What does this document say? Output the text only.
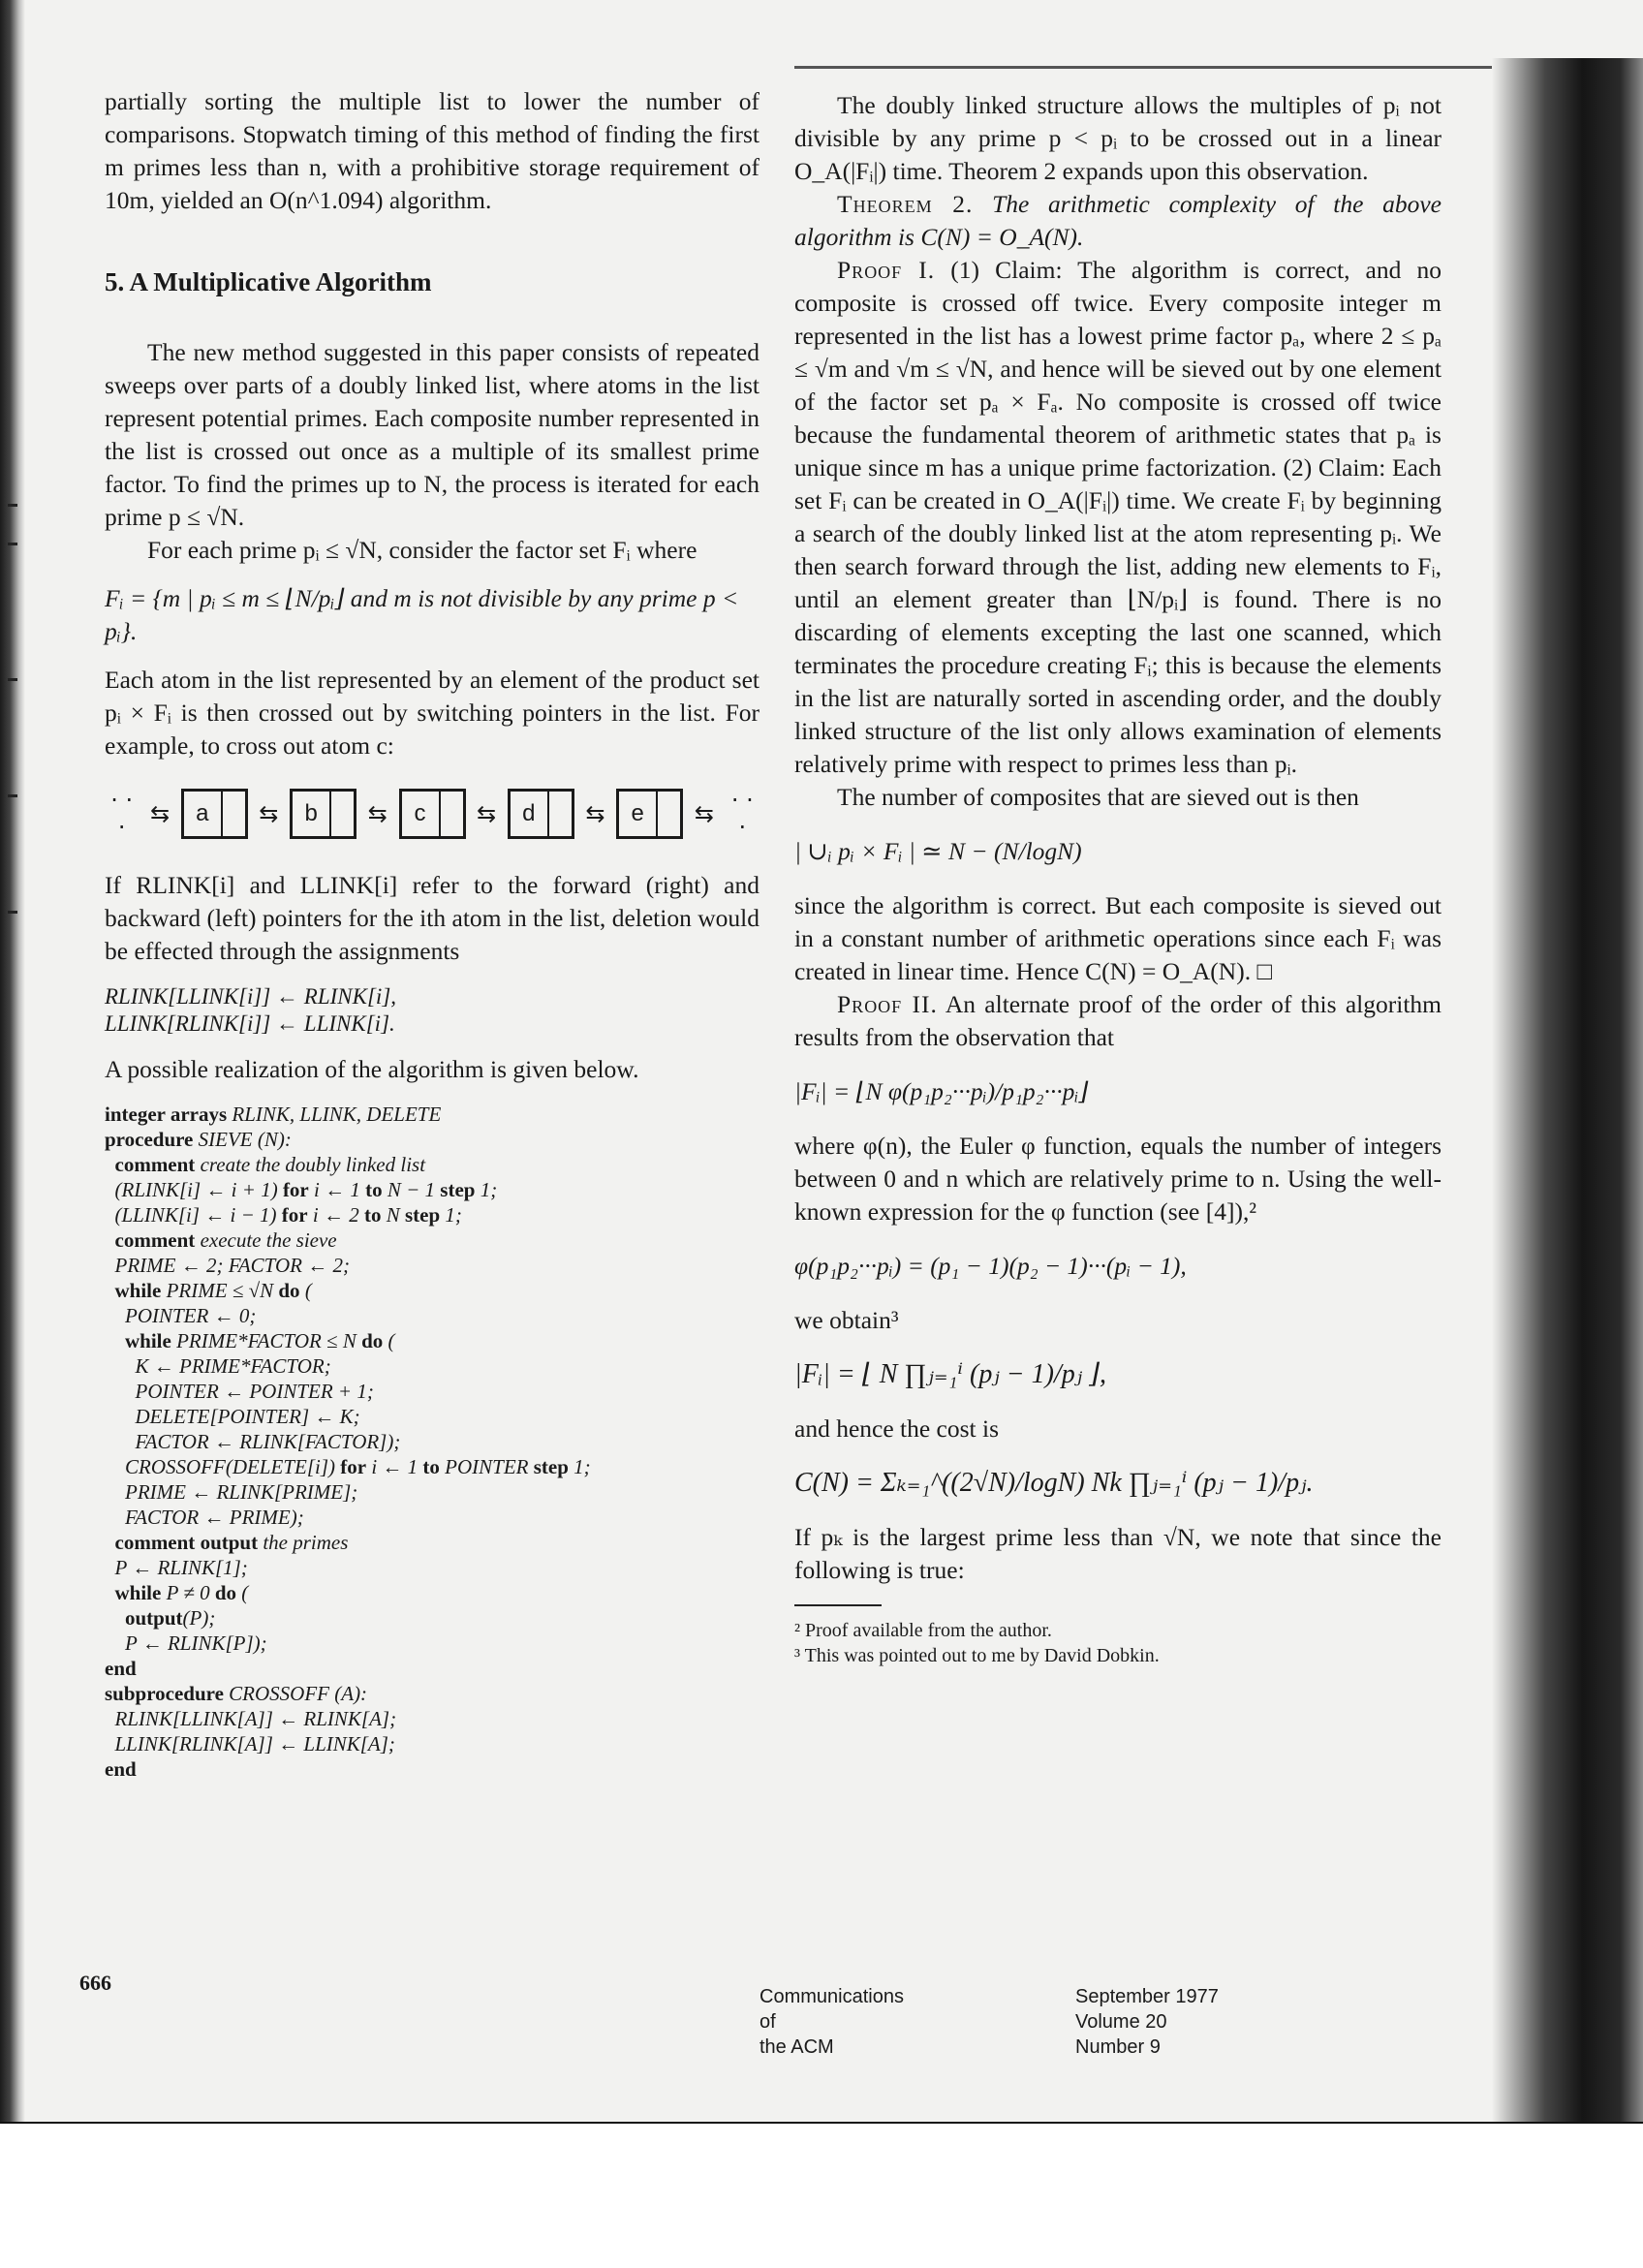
partially sorting the multiple list to lower the number of comparisons. Stopwatch timing of this method of finding the first m primes less than n, with a prohibitive storage requirement of 10m, yielded an O(n^1.094) algorithm.

5. A Multiplicative Algorithm

The new method suggested in this paper consists of repeated sweeps over parts of a doubly linked list, where atoms in the list represent potential primes. Each composite number represented in the list is crossed out once as a multiple of its smallest prime factor. To find the primes up to N, the process is iterated for each prime p ≤ √N.

For each prime pᵢ ≤ √N, consider the factor set Fᵢ where

Fᵢ = {m | pᵢ ≤ m ≤ ⌊N/pᵢ⌋ and m is not divisible by any prime p < pᵢ}.

Each atom in the list represented by an element of the product set pᵢ × Fᵢ is then crossed out by switching pointers in the list. For example, to cross out atom c:

· · ·	⇆	a	⇆	b	⇆	c	⇆	d	⇆	e	⇆ · · ·

If RLINK[i] and LLINK[i] refer to the forward (right) and backward (left) pointers for the ith atom in the list, deletion would be effected through the assignments

RLINK[LLINK[i]] ← RLINK[i],

LLINK[RLINK[i]] ← LLINK[i].

A possible realization of the algorithm is given below.

integer arrays RLINK, LLINK, DELETE
procedure SIEVE (N):
comment create the doubly linked list
(RLINK[i] ← i + 1) for i ← 1 to N − 1 step 1;
(LLINK[i] ← i − 1) for i ← 2 to N step 1;
comment execute the sieve
PRIME ← 2; FACTOR ← 2;
while PRIME ≤ √N do (
POINTER ← 0;
while PRIME*FACTOR ≤ N do (
K ← PRIME*FACTOR;
POINTER ← POINTER + 1;
DELETE[POINTER] ← K;
FACTOR ← RLINK[FACTOR]);
CROSSOFF(DELETE[i]) for i ← 1 to POINTER step 1;
PRIME ← RLINK[PRIME];
FACTOR ← PRIME);
comment output the primes
P ← RLINK[1];
while P ≠ 0 do (
output(P);
P ← RLINK[P]);
end
subprocedure CROSSOFF (A):
RLINK[LLINK[A]] ← RLINK[A];
LLINK[RLINK[A]] ← LLINK[A];
end
666

The doubly linked structure allows the multiples of pᵢ not divisible by any prime p < pᵢ to be crossed out in a linear O_A(|Fᵢ|) time. Theorem 2 expands upon this observation.

Theorem 2. The arithmetic complexity of the above algorithm is C(N) = O_A(N).

Proof I. (1) Claim: The algorithm is correct, and no composite is crossed off twice. Every composite integer m represented in the list has a lowest prime factor pₐ, where 2 ≤ pₐ ≤ √m and √m ≤ √N, and hence will be sieved out by one element of the factor set pₐ × Fₐ. No composite is crossed off twice because the fundamental theorem of arithmetic states that pₐ is unique since m has a unique prime factorization. (2) Claim: Each set Fᵢ can be created in O_A(|Fᵢ|) time. We create Fᵢ by beginning a search of the doubly linked list at the atom representing pᵢ. We then search forward through the list, adding new elements to Fᵢ, until an element greater than ⌊N/pᵢ⌋ is found. There is no discarding of elements excepting the last one scanned, which terminates the procedure creating Fᵢ; this is because the elements in the list are naturally sorted in ascending order, and the doubly linked structure of the list only allows examination of elements relatively prime with respect to primes less than pᵢ.

The number of composites that are sieved out is then

| ∪ᵢ pᵢ × Fᵢ | ≃ N − (N/logN)

since the algorithm is correct. But each composite is sieved out in a constant number of arithmetic operations since each Fᵢ was created in linear time. Hence C(N) = O_A(N). □

Proof II. An alternate proof of the order of this algorithm results from the observation that

|Fᵢ| = ⌊N φ(p₁p₂···pᵢ)/p₁p₂···pᵢ⌋

where φ(n), the Euler φ function, equals the number of integers between 0 and n which are relatively prime to n. Using the well-known expression for the φ function (see [4]),²

φ(p₁p₂···pᵢ) = (p₁ − 1)(p₂ − 1)···(pᵢ − 1),

we obtain³

|Fᵢ| = ⌊ N ∏ⱼ₌₁ⁱ (pⱼ − 1)/pⱼ ⌋,

and hence the cost is

C(N) = Σₖ₌₁^((2√N)/logN) Nk ∏ⱼ₌₁ⁱ (pⱼ − 1)/pⱼ.

If pₖ is the largest prime less than √N, we note that since the following is true:

² Proof available from the author.

³ This was pointed out to me by David Dobkin.

Communications
of
the ACM
September 1977
Volume 20
Number 9
